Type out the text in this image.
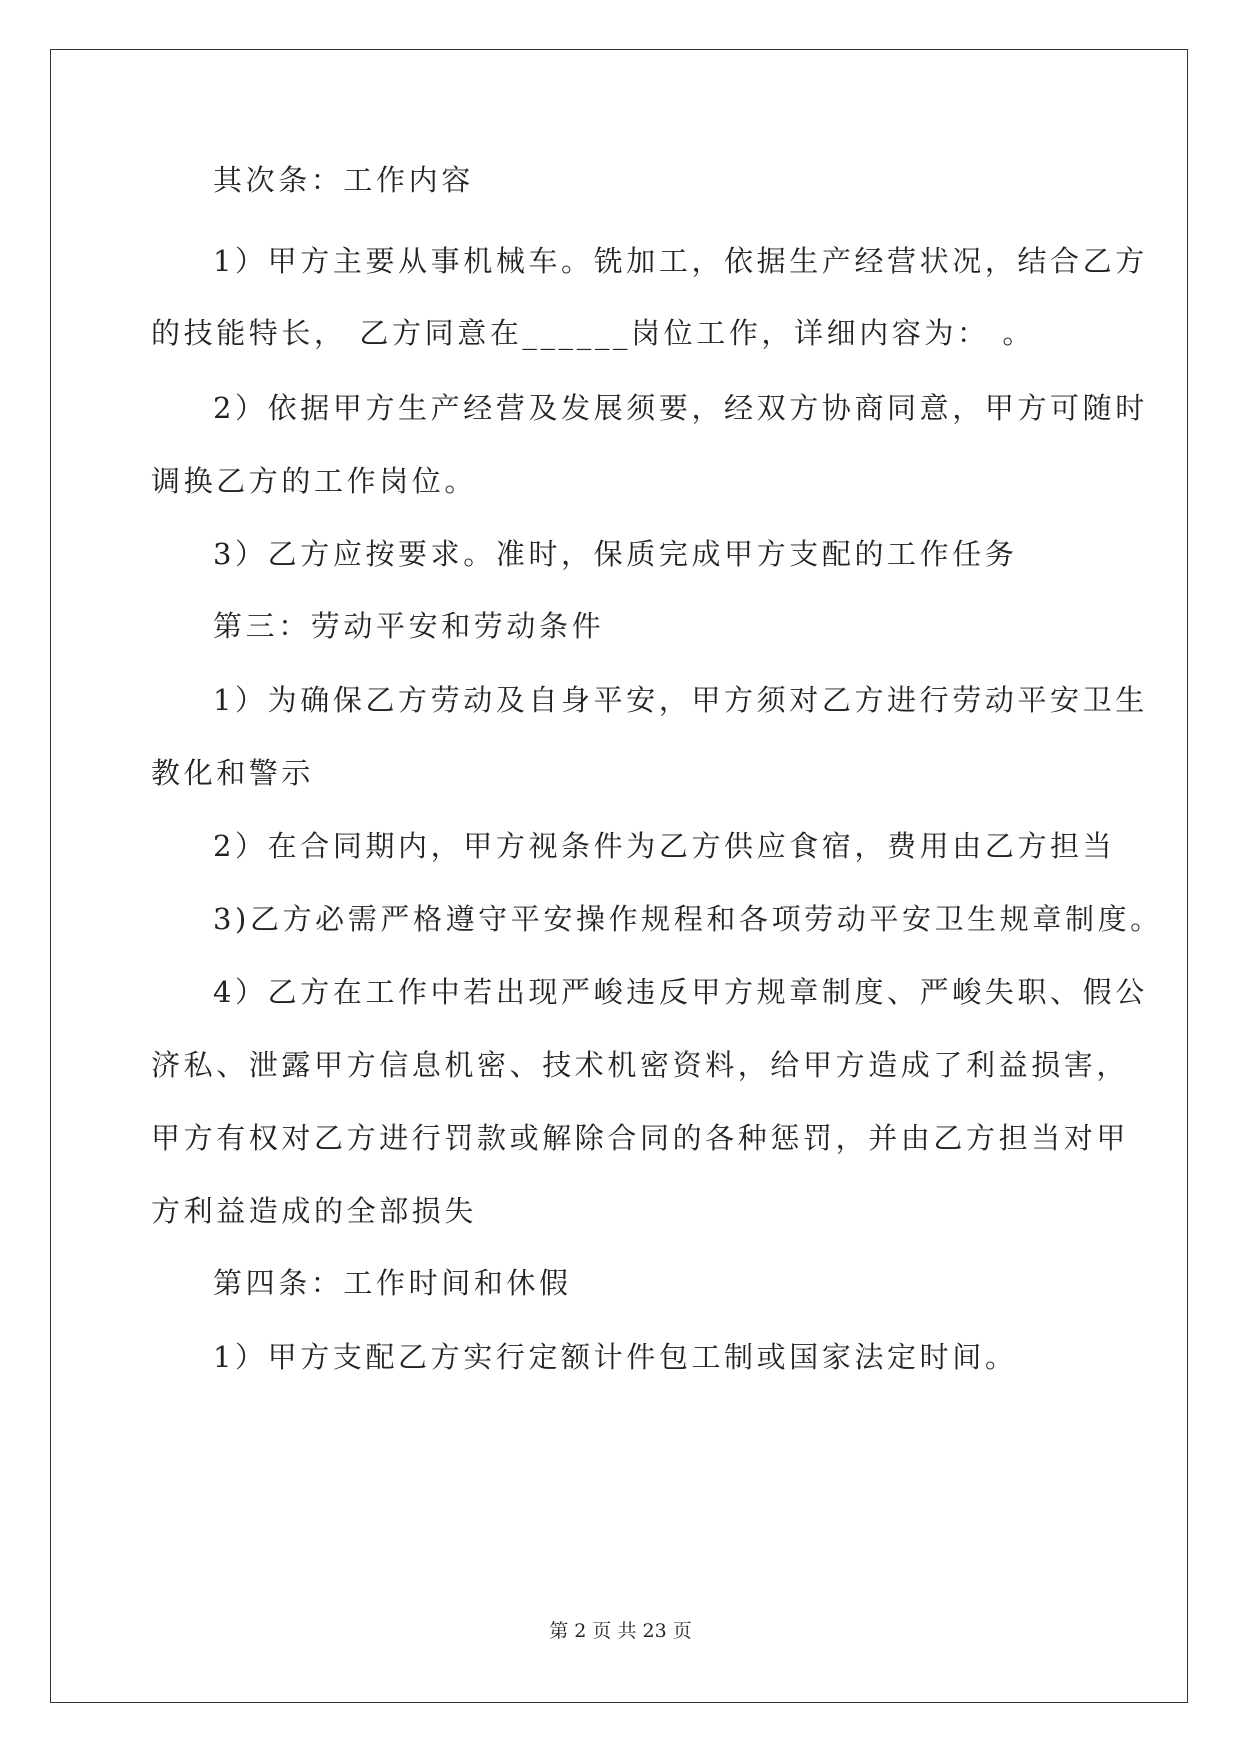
其次条：工作内容
1）甲方主要从事机械车。铣加工，依据生产经营状况，结合乙方
的技能特长， 乙方同意在______岗位工作，详细内容为： 。
2）依据甲方生产经营及发展须要，经双方协商同意，甲方可随时
调换乙方的工作岗位。
3）乙方应按要求。准时，保质完成甲方支配的工作任务
第三：劳动平安和劳动条件
1）为确保乙方劳动及自身平安，甲方须对乙方进行劳动平安卫生
教化和警示
2）在合同期内，甲方视条件为乙方供应食宿，费用由乙方担当
3)乙方必需严格遵守平安操作规程和各项劳动平安卫生规章制度。
4）乙方在工作中若出现严峻违反甲方规章制度、严峻失职、假公
济私、泄露甲方信息机密、技术机密资料，给甲方造成了利益损害，
甲方有权对乙方进行罚款或解除合同的各种惩罚，并由乙方担当对甲
方利益造成的全部损失
第四条：工作时间和休假
1）甲方支配乙方实行定额计件包工制或国家法定时间。
第 2 页 共 23 页
